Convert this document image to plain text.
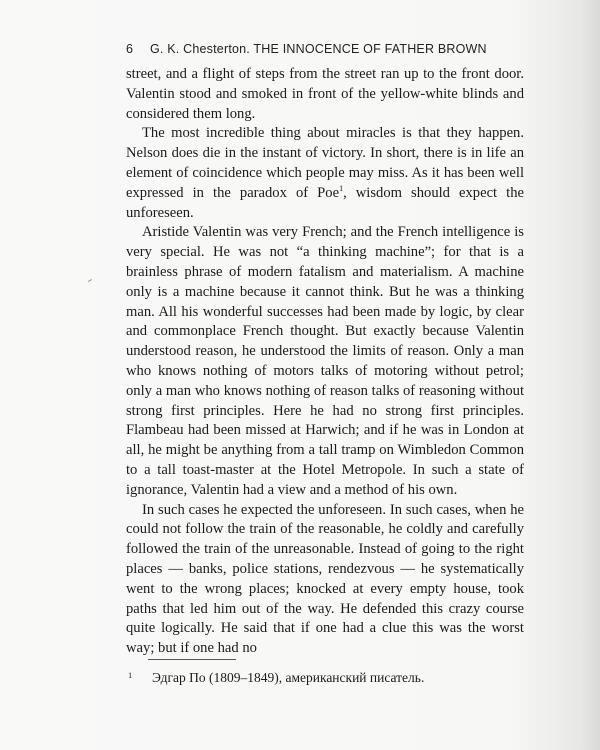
6 G. K. Chesterton. THE INNOCENCE OF FATHER BROWN

street, and a flight of steps from the street ran up to the front door. Valentin stood and smoked in front of the yellow-white blinds and considered them long.

The most incredible thing about miracles is that they happen. Nelson does die in the instant of victory. In short, there is in life an element of coincidence which people may miss. As it has been well expressed in the paradox of Poe$^1$, wisdom should expect the unforeseen.

Aristide Valentin was very French; and the French intelligence is very special. He was not “a thinking machine”; for that is a brainless phrase of modern fatalism and materialism. A machine only is a machine because it cannot think. But he was a thinking man. All his wonderful successes had been made by logic, by clear and commonplace French thought. But exactly because Valentin understood reason, he understood the limits of reason. Only a man who knows nothing of motors talks of motoring without petrol; only a man who knows nothing of reason talks of reasoning without strong first principles. Here he had no strong first principles. Flambeau had been missed at Harwich; and if he was in London at all, he might be anything from a tall tramp on Wimbledon Common to a tall toast-master at the Hotel Metropole. In such a state of ignorance, Valentin had a view and a method of his own.

In such cases he expected the unforeseen. In such cases, when he could not follow the train of the reasonable, he coldly and carefully followed the train of the unreasonable. Instead of going to the right places — banks, police stations, rendezvous — he systematically went to the wrong places; knocked at every empty house, took paths that led him out of the way. He defended this crazy course quite logically. He said that if one had a clue this was the worst way; but if one had no

1 Эдгар По (1809–1849), американский писатель.
